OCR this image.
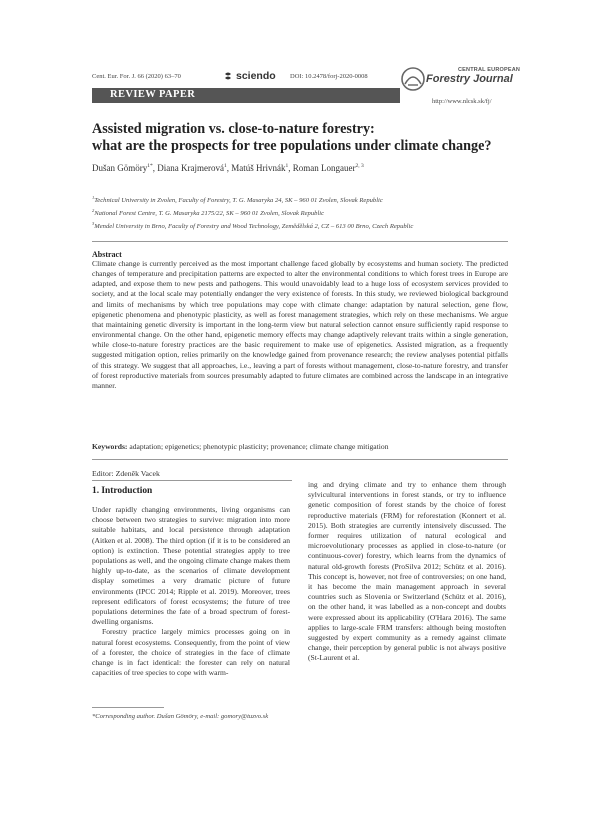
Cent. Eur. For. J. 66 (2020) 63–70	sciendo DOI: 10.2478/forj-2020-0008
CENTRAL EUROPEAN
Forestry Journal
REVIEW PAPER
http://www.nlcsk.sk/fj/
Assisted migration vs. close-to-nature forestry:
what are the prospects for tree populations under climate change?
Dušan Gömöry$^{1*}$, Diana Krajmerová$^1$, Matúš Hrivnák$^1$, Roman Longauer$^{2, 3}$
$^1$Technical University in Zvolen, Faculty of Forestry, T. G. Masaryka 24, SK – 960 01 Zvolen, Slovak Republic
$^2$National Forest Centre, T. G. Masaryka 2175/22, SK – 960 01 Zvolen, Slovak Republic
$^3$Mendel University in Brno, Faculty of Forestry and Wood Technology, Zemědělská 2, CZ – 613 00 Brno, Czech Republic
Abstract
Climate change is currently perceived as the most important challenge faced globally by ecosystems and human society. The predicted changes of temperature and precipitation patterns are expected to alter the environmental conditions to which forest trees in Europe are adapted, and expose them to new pests and pathogens. This would unavoidably lead to a huge loss of ecosystem services provided to society, and at the local scale may potentially endanger the very existence of forests. In this study, we reviewed biological background and limits of mechanisms by which tree populations may cope with climate change: adaptation by natural selection, gene flow, epigenetic phenomena and phenotypic plasticity, as well as forest management strategies, which rely on these mechanisms. We argue that maintaining genetic diversity is important in the long-term view but natural selection cannot ensure sufficiently rapid response to environmental change. On the other hand, epigenetic memory effects may change adaptively relevant traits within a single generation, while close-to-nature forestry practices are the basic requirement to make use of epigenetics. Assisted migration, as a frequently suggested mitigation option, relies primarily on the knowledge gained from provenance research; the review analyses potential pitfalls of this strategy. We suggest that all approaches, i.e., leaving a part of forests without management, close-to-nature forestry, and transfer of forest reproductive materials from sources presumably adapted to future climates are combined across the landscape in an integrative manner.
Keywords: adaptation; epigenetics; phenotypic plasticity; provenance; climate change mitigation
Editor: Zdeněk Vacek
1. Introduction

Under rapidly changing environments, living organisms can choose between two strategies to survive: migration into more suitable habitats, and local persistence through adaptation (Aitken et al. 2008). The third option (if it is to be considered an option) is extinction. These potential strategies apply to tree populations as well, and the ongoing climate change makes them highly up-to-date, as the scenarios of climate development display sometimes a very dramatic picture of future environments (IPCC 2014; Ripple et al. 2019). Moreover, trees represent edificators of forest ecosystems; the future of tree populations determines the fate of a broad spectrum of forest-dwelling organisms.

Forestry practice largely mimics processes going on in natural forest ecosystems. Consequently, from the point of view of a forester, the choice of strategies in the face of climate change is in fact identical: the forester can rely on natural capacities of tree species to cope with warm-

ing and drying climate and try to enhance them through sylvicultural interventions in forest stands, or try to influence genetic composition of forest stands by the choice of forest reproductive materials (FRM) for reforestation (Konnert et al. 2015). Both strategies are currently intensively discussed. The former requires utilization of natural ecological and microevolutionary processes as applied in close-to-nature (or continuous-cover) forestry, which learns from the dynamics of natural old-growth forests (ProSilva 2012; Schütz et al. 2016). This concept is, however, not free of controversies; on one hand, it has become the main management approach in several countries such as Slovenia or Switzerland (Schütz et al. 2016), on the other hand, it was labelled as a non-concept and doubts were expressed about its applicability (O'Hara 2016). The same applies to large-scale FRM transfers: although being mostoften suggested by expert community as a remedy against climate change, their perception by general public is not always positive (St-Laurent et al.

*Corresponding author. Dušan Gömöry, e-mail: gomory@tuzvo.sk
